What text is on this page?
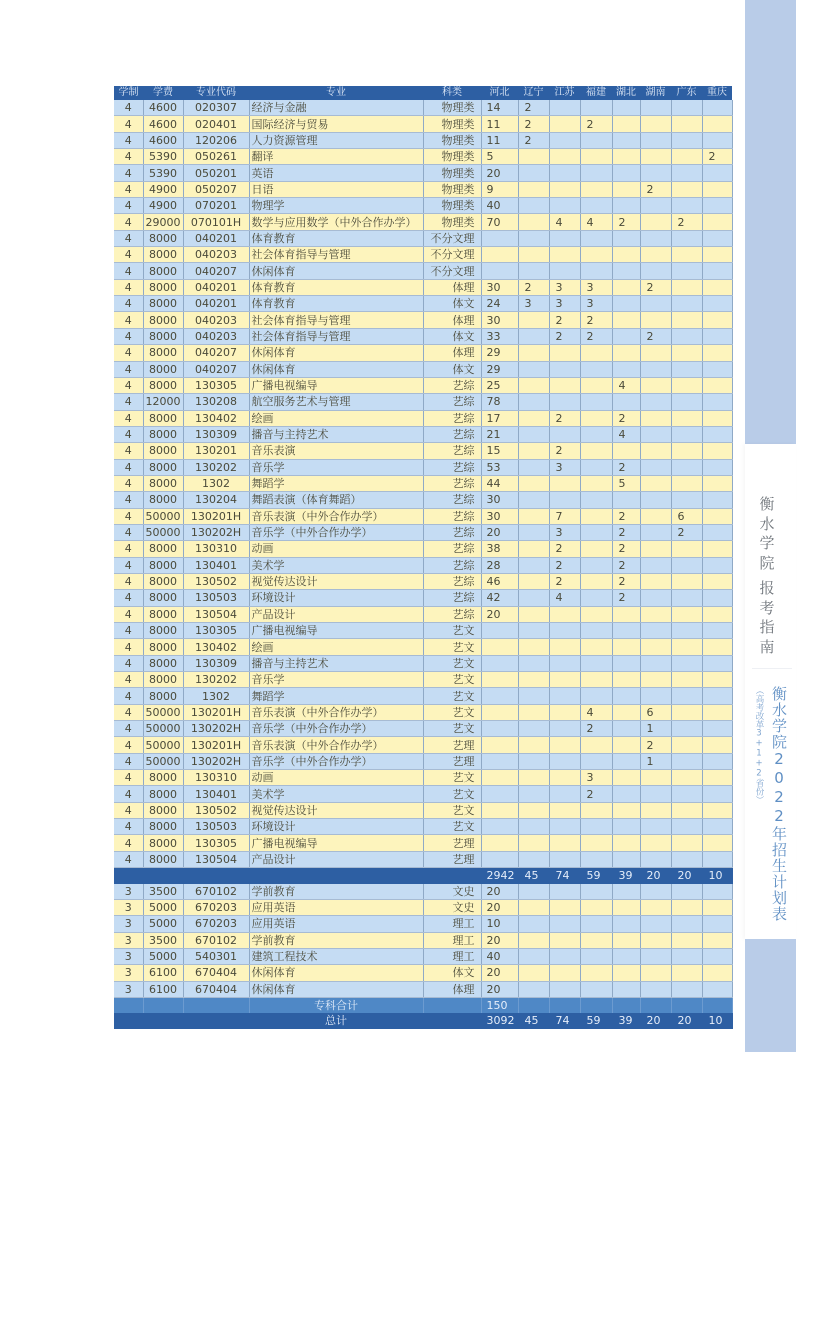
衡
水
学
院
报
考
指
南
（高考改革3+1+2省份） 衡水学院2022年招生计划表
学制	学费	专业代码	专业	科类	河北	辽宁	江苏	福建	湖北	湖南	广东	重庆
4	4600	020307	经济与金融	物理类	14	2						
4	4600	020401	国际经济与贸易	物理类	11	2		2				
4	4600	120206	人力资源管理	物理类	11	2						
4	5390	050261	翻译	物理类	5							2
4	5390	050201	英语	物理类	20							
4	4900	050207	日语	物理类	9					2		
4	4900	070201	物理学	物理类	40							
4	29000	070101H	数学与应用数学（中外合作办学）	物理类	70		4	4	2		2	
4	8000	040201	体育教育	不分文理								
4	8000	040203	社会体育指导与管理	不分文理								
4	8000	040207	休闲体育	不分文理								
4	8000	040201	体育教育	体理	30	2	3	3		2		
4	8000	040201	体育教育	体文	24	3	3	3				
4	8000	040203	社会体育指导与管理	体理	30		2	2				
4	8000	040203	社会体育指导与管理	体文	33		2	2		2		
4	8000	040207	休闲体育	体理	29							
4	8000	040207	休闲体育	体文	29							
4	8000	130305	广播电视编导	艺综	25				4			
4	12000	130208	航空服务艺术与管理	艺综	78							
4	8000	130402	绘画	艺综	17		2		2			
4	8000	130309	播音与主持艺术	艺综	21				4			
4	8000	130201	音乐表演	艺综	15		2					
4	8000	130202	音乐学	艺综	53		3		2			
4	8000	1302	舞蹈学	艺综	44				5			
4	8000	130204	舞蹈表演（体育舞蹈）	艺综	30							
4	50000	130201H	音乐表演（中外合作办学）	艺综	30		7		2		6	
4	50000	130202H	音乐学（中外合作办学）	艺综	20		3		2		2	
4	8000	130310	动画	艺综	38		2		2			
4	8000	130401	美术学	艺综	28		2		2			
4	8000	130502	视觉传达设计	艺综	46		2		2			
4	8000	130503	环境设计	艺综	42		4		2			
4	8000	130504	产品设计	艺综	20							
4	8000	130305	广播电视编导	艺文								
4	8000	130402	绘画	艺文								
4	8000	130309	播音与主持艺术	艺文								
4	8000	130202	音乐学	艺文								
4	8000	1302	舞蹈学	艺文								
4	50000	130201H	音乐表演（中外合作办学）	艺文				4		6		
4	50000	130202H	音乐学（中外合作办学）	艺文				2		1		
4	50000	130201H	音乐表演（中外合作办学）	艺理						2		
4	50000	130202H	音乐学（中外合作办学）	艺理						1		
4	8000	130310	动画	艺文				3				
4	8000	130401	美术学	艺文				2				
4	8000	130502	视觉传达设计	艺文								
4	8000	130503	环境设计	艺文								
4	8000	130305	广播电视编导	艺理								
4	8000	130504	产品设计	艺理								
					2942	45	74	59	39	20	20	10
3	3500	670102	学前教育	文史	20							
3	5000	670203	应用英语	文史	20							
3	5000	670203	应用英语	理工	10							
3	3500	670102	学前教育	理工	20							
3	5000	540301	建筑工程技术	理工	40							
3	6100	670404	休闲体育	体文	20							
3	6100	670404	休闲体育	体理	20							
			专科合计		150							
			总计		3092	45	74	59	39	20	20	10
